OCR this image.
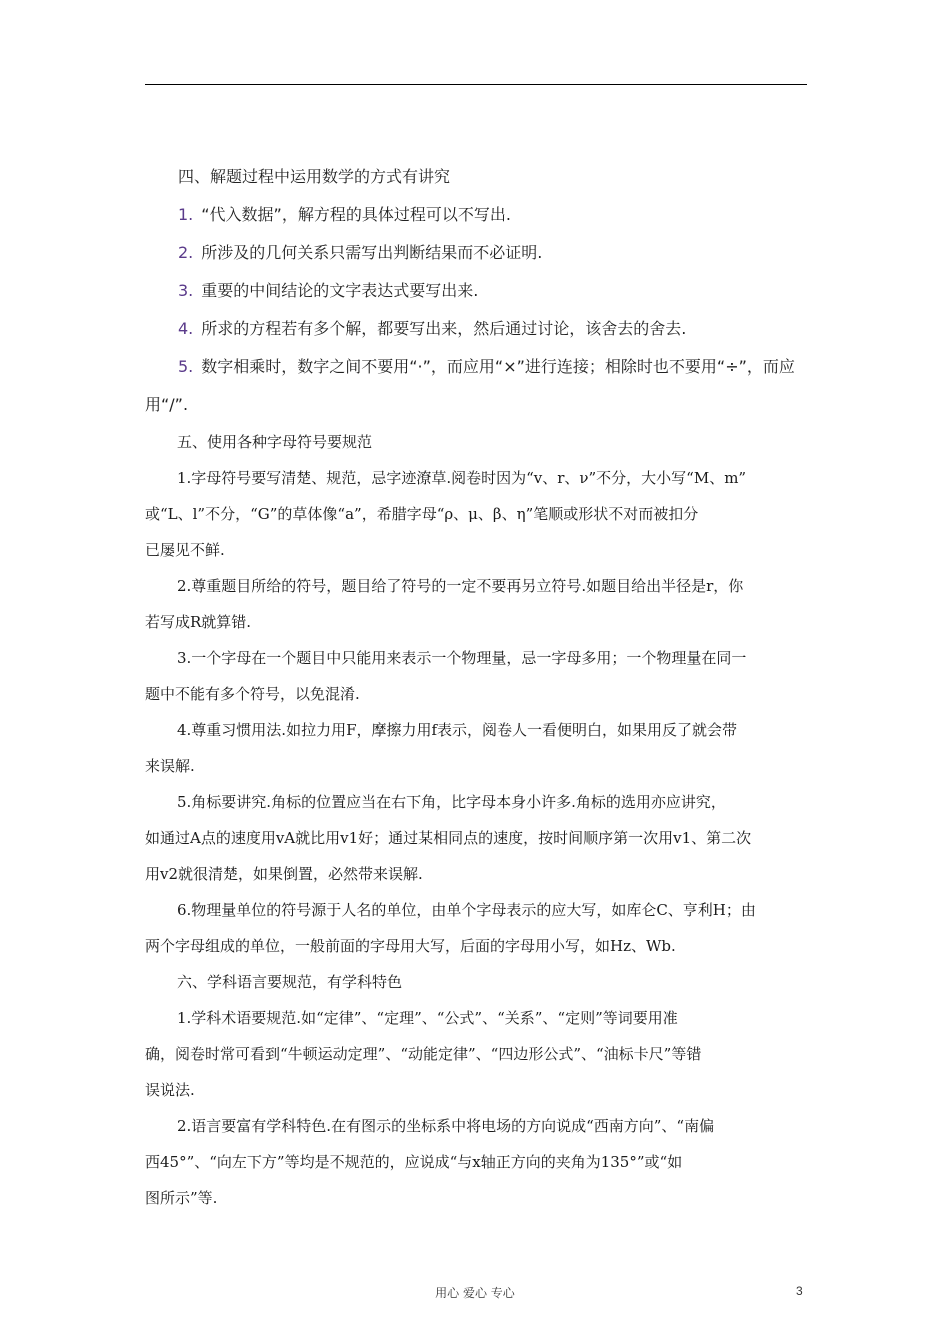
四、解题过程中运用数学的方式有讲究

1. “代入数据”，解方程的具体过程可以不写出.

2. 所涉及的几何关系只需写出判断结果而不必证明.

3. 重要的中间结论的文字表达式要写出来.

4. 所求的方程若有多个解，都要写出来，然后通过讨论，该舍去的舍去.

5. 数字相乘时，数字之间不要用“·”，而应用“×”进行连接；相除时也不要用“÷”，而应

用“/”.

五、使用各种字母符号要规范

1.字母符号要写清楚、规范，忌字迹潦草.阅卷时因为“v、r、ν”不分，大小写“M、m”

或“L、l”不分，“G”的草体像“a”，希腊字母“ρ、μ、β、η”笔顺或形状不对而被扣分

已屡见不鲜.

2.尊重题目所给的符号，题目给了符号的一定不要再另立符号.如题目给出半径是r，你

若写成R就算错.

3.一个字母在一个题目中只能用来表示一个物理量，忌一字母多用；一个物理量在同一

题中不能有多个符号，以免混淆.

4.尊重习惯用法.如拉力用F，摩擦力用f表示，阅卷人一看便明白，如果用反了就会带

来误解.

5.角标要讲究.角标的位置应当在右下角，比字母本身小许多.角标的选用亦应讲究，

如通过A点的速度用vA就比用v1好；通过某相同点的速度，按时间顺序第一次用v1、第二次

用v2就很清楚，如果倒置，必然带来误解.

6.物理量单位的符号源于人名的单位，由单个字母表示的应大写，如库仑C、亨利H；由

两个字母组成的单位，一般前面的字母用大写，后面的字母用小写，如Hz、Wb.

六、学科语言要规范，有学科特色

1.学科术语要规范.如“定律”、“定理”、“公式”、“关系”、“定则”等词要用准

确，阅卷时常可看到“牛顿运动定理”、“动能定律”、“四边形公式”、“油标卡尺”等错

误说法.

2.语言要富有学科特色.在有图示的坐标系中将电场的方向说成“西南方向”、“南偏

西45°”、“向左下方”等均是不规范的，应说成“与x轴正方向的夹角为135°”或“如

图所示”等.

用心 爱心 专心	3
